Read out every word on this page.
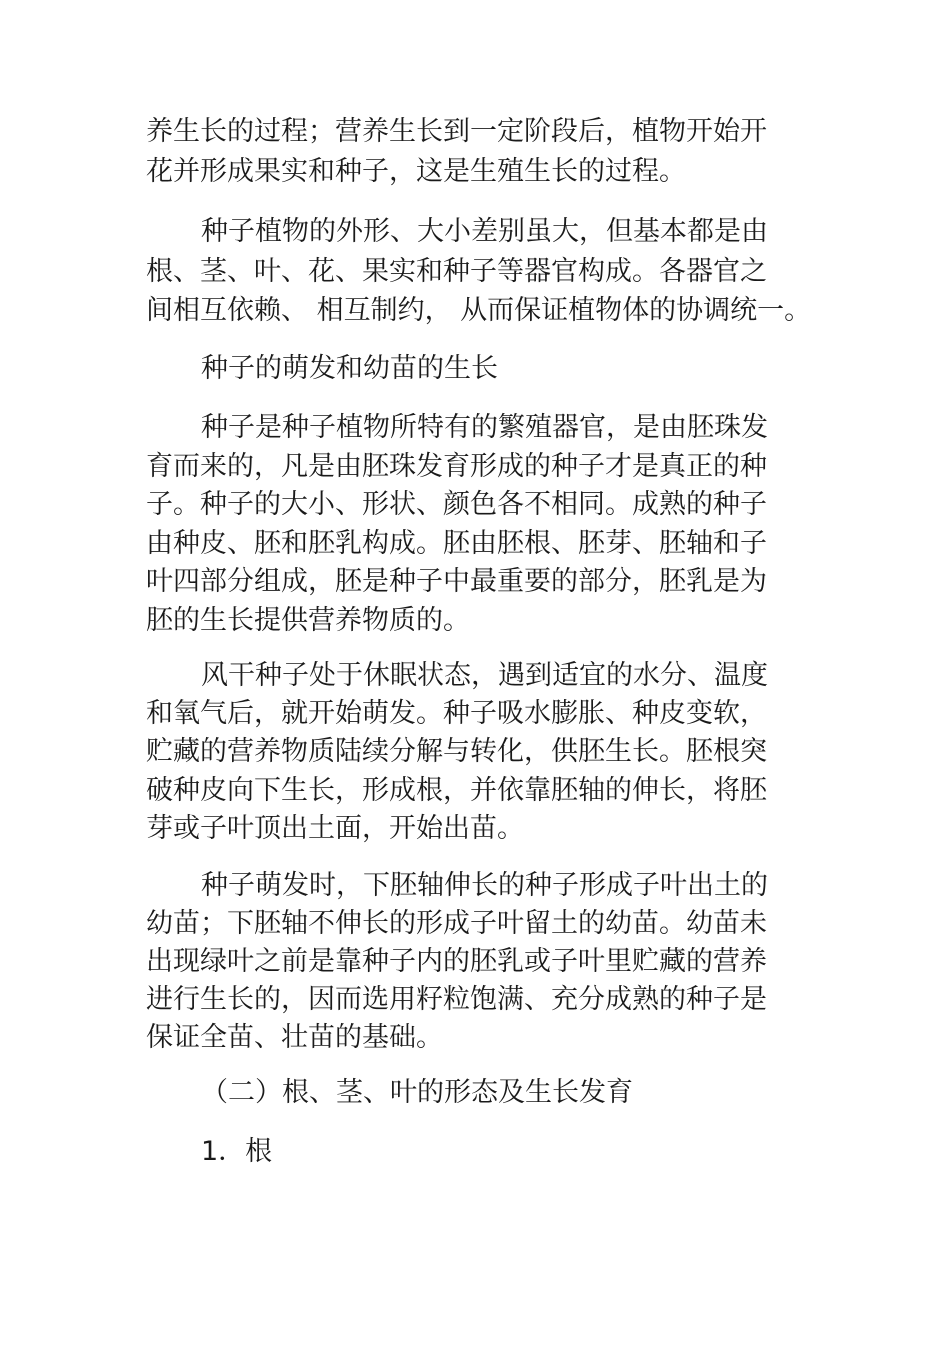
养生长的过程；营养生长到一定阶段后，植物开始开
花并形成果实和种子，这是生殖生长的过程。
种子植物的外形、大小差别虽大，但基本都是由
根、茎、叶、花、果实和种子等器官构成。各器官之
间相互依赖、 相互制约， 从而保证植物体的协调统一。
种子的萌发和幼苗的生长
种子是种子植物所特有的繁殖器官，是由胚珠发
育而来的，凡是由胚珠发育形成的种子才是真正的种
子。种子的大小、形状、颜色各不相同。成熟的种子
由种皮、胚和胚乳构成。胚由胚根、胚芽、胚轴和子
叶四部分组成，胚是种子中最重要的部分，胚乳是为
胚的生长提供营养物质的。
风干种子处于休眠状态，遇到适宜的水分、温度
和氧气后，就开始萌发。种子吸水膨胀、种皮变软，
贮藏的营养物质陆续分解与转化，供胚生长。胚根突
破种皮向下生长，形成根，并依靠胚轴的伸长，将胚
芽或子叶顶出土面，开始出苗。
种子萌发时，下胚轴伸长的种子形成子叶出土的
幼苗；下胚轴不伸长的形成子叶留土的幼苗。幼苗未
出现绿叶之前是靠种子内的胚乳或子叶里贮藏的营养
进行生长的，因而选用籽粒饱满、充分成熟的种子是
保证全苗、壮苗的基础。
（二）根、茎、叶的形态及生长发育
1．根
